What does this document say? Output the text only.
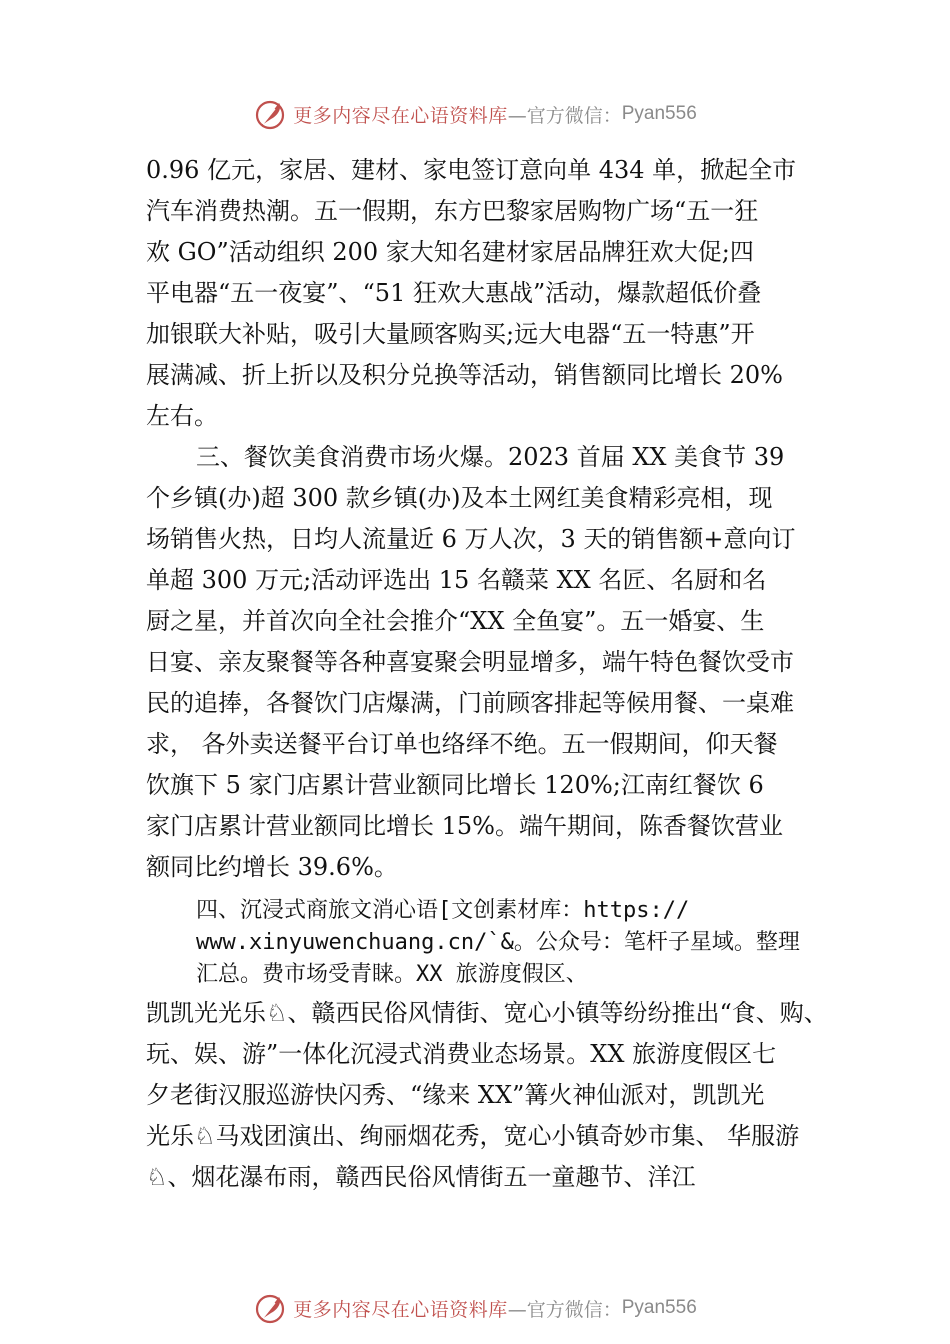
更多内容尽在心语资料库 —官方微信： Pyan556
0.96 亿元，家居、建材、家电签订意向单 434 单，掀起全市
汽车消费热潮。五一假期，东方巴黎家居购物广场“五一狂
欢 GO”活动组织 200 家大知名建材家居品牌狂欢大促;四
平电器“五一夜宴”、“51 狂欢大惠战”活动，爆款超低价叠
加银联大补贴，吸引大量顾客购买;远大电器“五一特惠”开
展满减、折上折以及积分兑换等活动，销售额同比增长 20%
左右。
三、餐饮美食消费市场火爆。2023 首届 XX 美食节 39
个乡镇(办)超 300 款乡镇(办)及本土网红美食精彩亮相，现
场销售火热，日均人流量近 6 万人次，3 天的销售额+意向订
单超 300 万元;活动评选出 15 名赣菜 XX 名匠、名厨和名
厨之星，并首次向全社会推介“XX 全鱼宴”。五一婚宴、生
日宴、亲友聚餐等各种喜宴聚会明显增多，端午特色餐饮受市
民的追捧，各餐饮门店爆满，门前顾客排起等候用餐、一桌难
求， 各外卖送餐平台订单也络绎不绝。五一假期间，仰天餐
饮旗下 5 家门店累计营业额同比增长 120%;江南红餐饮 6
家门店累计营业额同比增长 15%。端午期间，陈香餐饮营业
额同比约增长 39.6%。
四、沉浸式商旅文消心语[文创素材库：https://
www.xinyuwenchuang.cn/`&。公众号：笔杆子星域。整理
汇总。费市场受青睐。XX 旅游度假区、
凯凯光光乐♘、赣西民俗风情街、宽心小镇等纷纷推出“食、购、
玩、娱、游”一体化沉浸式消费业态场景。XX 旅游度假区七
夕老街汉服巡游快闪秀、“缘来 XX”篝火神仙派对，凯凯光
光乐♘马戏团演出、绚丽烟花秀，宽心小镇奇妙市集、 华服游
♘、烟花瀑布雨，赣西民俗风情街五一童趣节、洋江
更多内容尽在心语资料库 —官方微信： Pyan556
